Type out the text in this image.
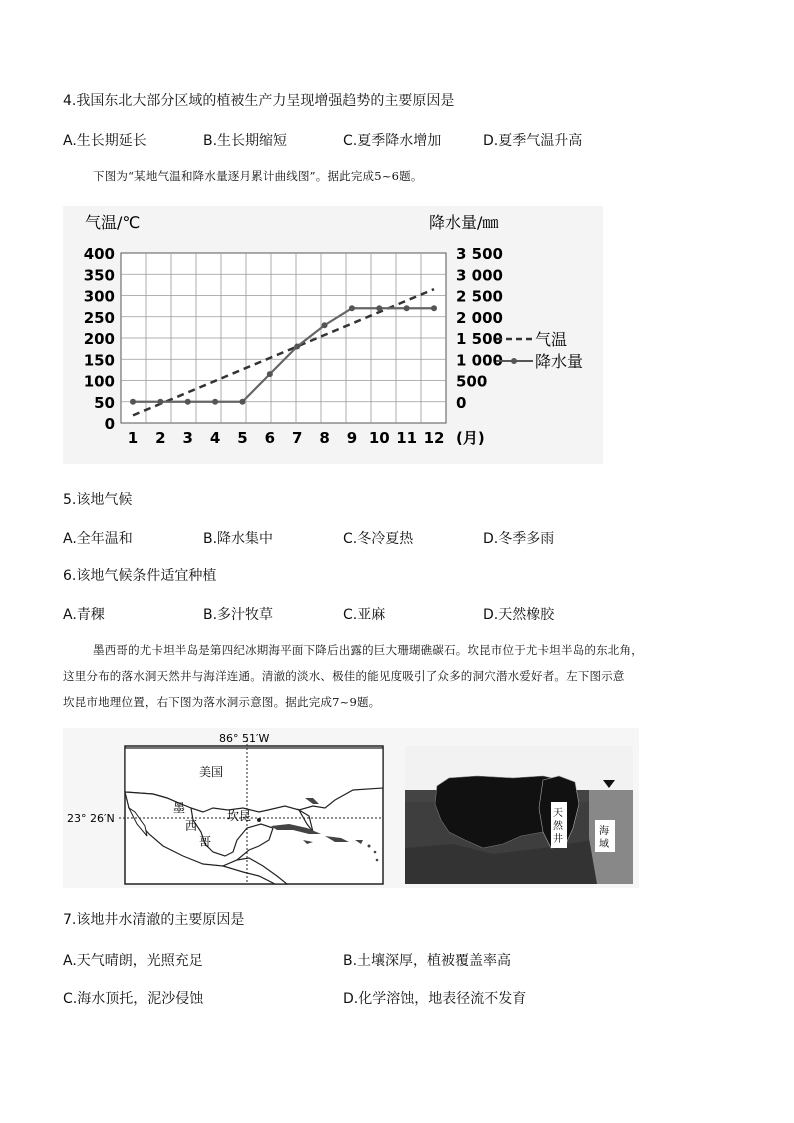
4.我国东北大部分区域的植被生产力呈现增强趋势的主要原因是
A.生长期延长	B.生长期缩短	C.夏季降水增加	D.夏季气温升高
下图为“某地气温和降水量逐月累计曲线图”。据此完成5~6题。
400
350
300
250
200
150
100
50
0
3 500
3 000
2 500
2 000
1 500
1 000
500
0
1 2 3 4 5 6 7 8 9 10 11 12
气温/℃	降水量/㎜
(月)
气温
降水量
5.该地气候
A.全年温和	B.降水集中	C.冬冷夏热	D.冬季多雨
6.该地气候条件适宜种植
A.青稞	B.多汁牧草	C.亚麻	D.天然橡胶
墨西哥的尤卡坦半岛是第四纪冰期海平面下降后出露的巨大珊瑚礁碳石。坎昆市位于尤卡坦半岛的东北角，
这里分布的落水洞天然井与海洋连通。清澈的淡水、极佳的能见度吸引了众多的洞穴潜水爱好者。左下图示意
坎昆市地理位置，右下图为落水洞示意图。据此完成7~9题。
86° 51′W
23° 26′N
美国
墨
西
哥
坎昆	天
然
井
海
域
7.该地井水清澈的主要原因是
A.天气晴朗，光照充足	B.土壤深厚，植被覆盖率高
C.海水顶托，泥沙侵蚀	D.化学溶蚀，地表径流不发育
